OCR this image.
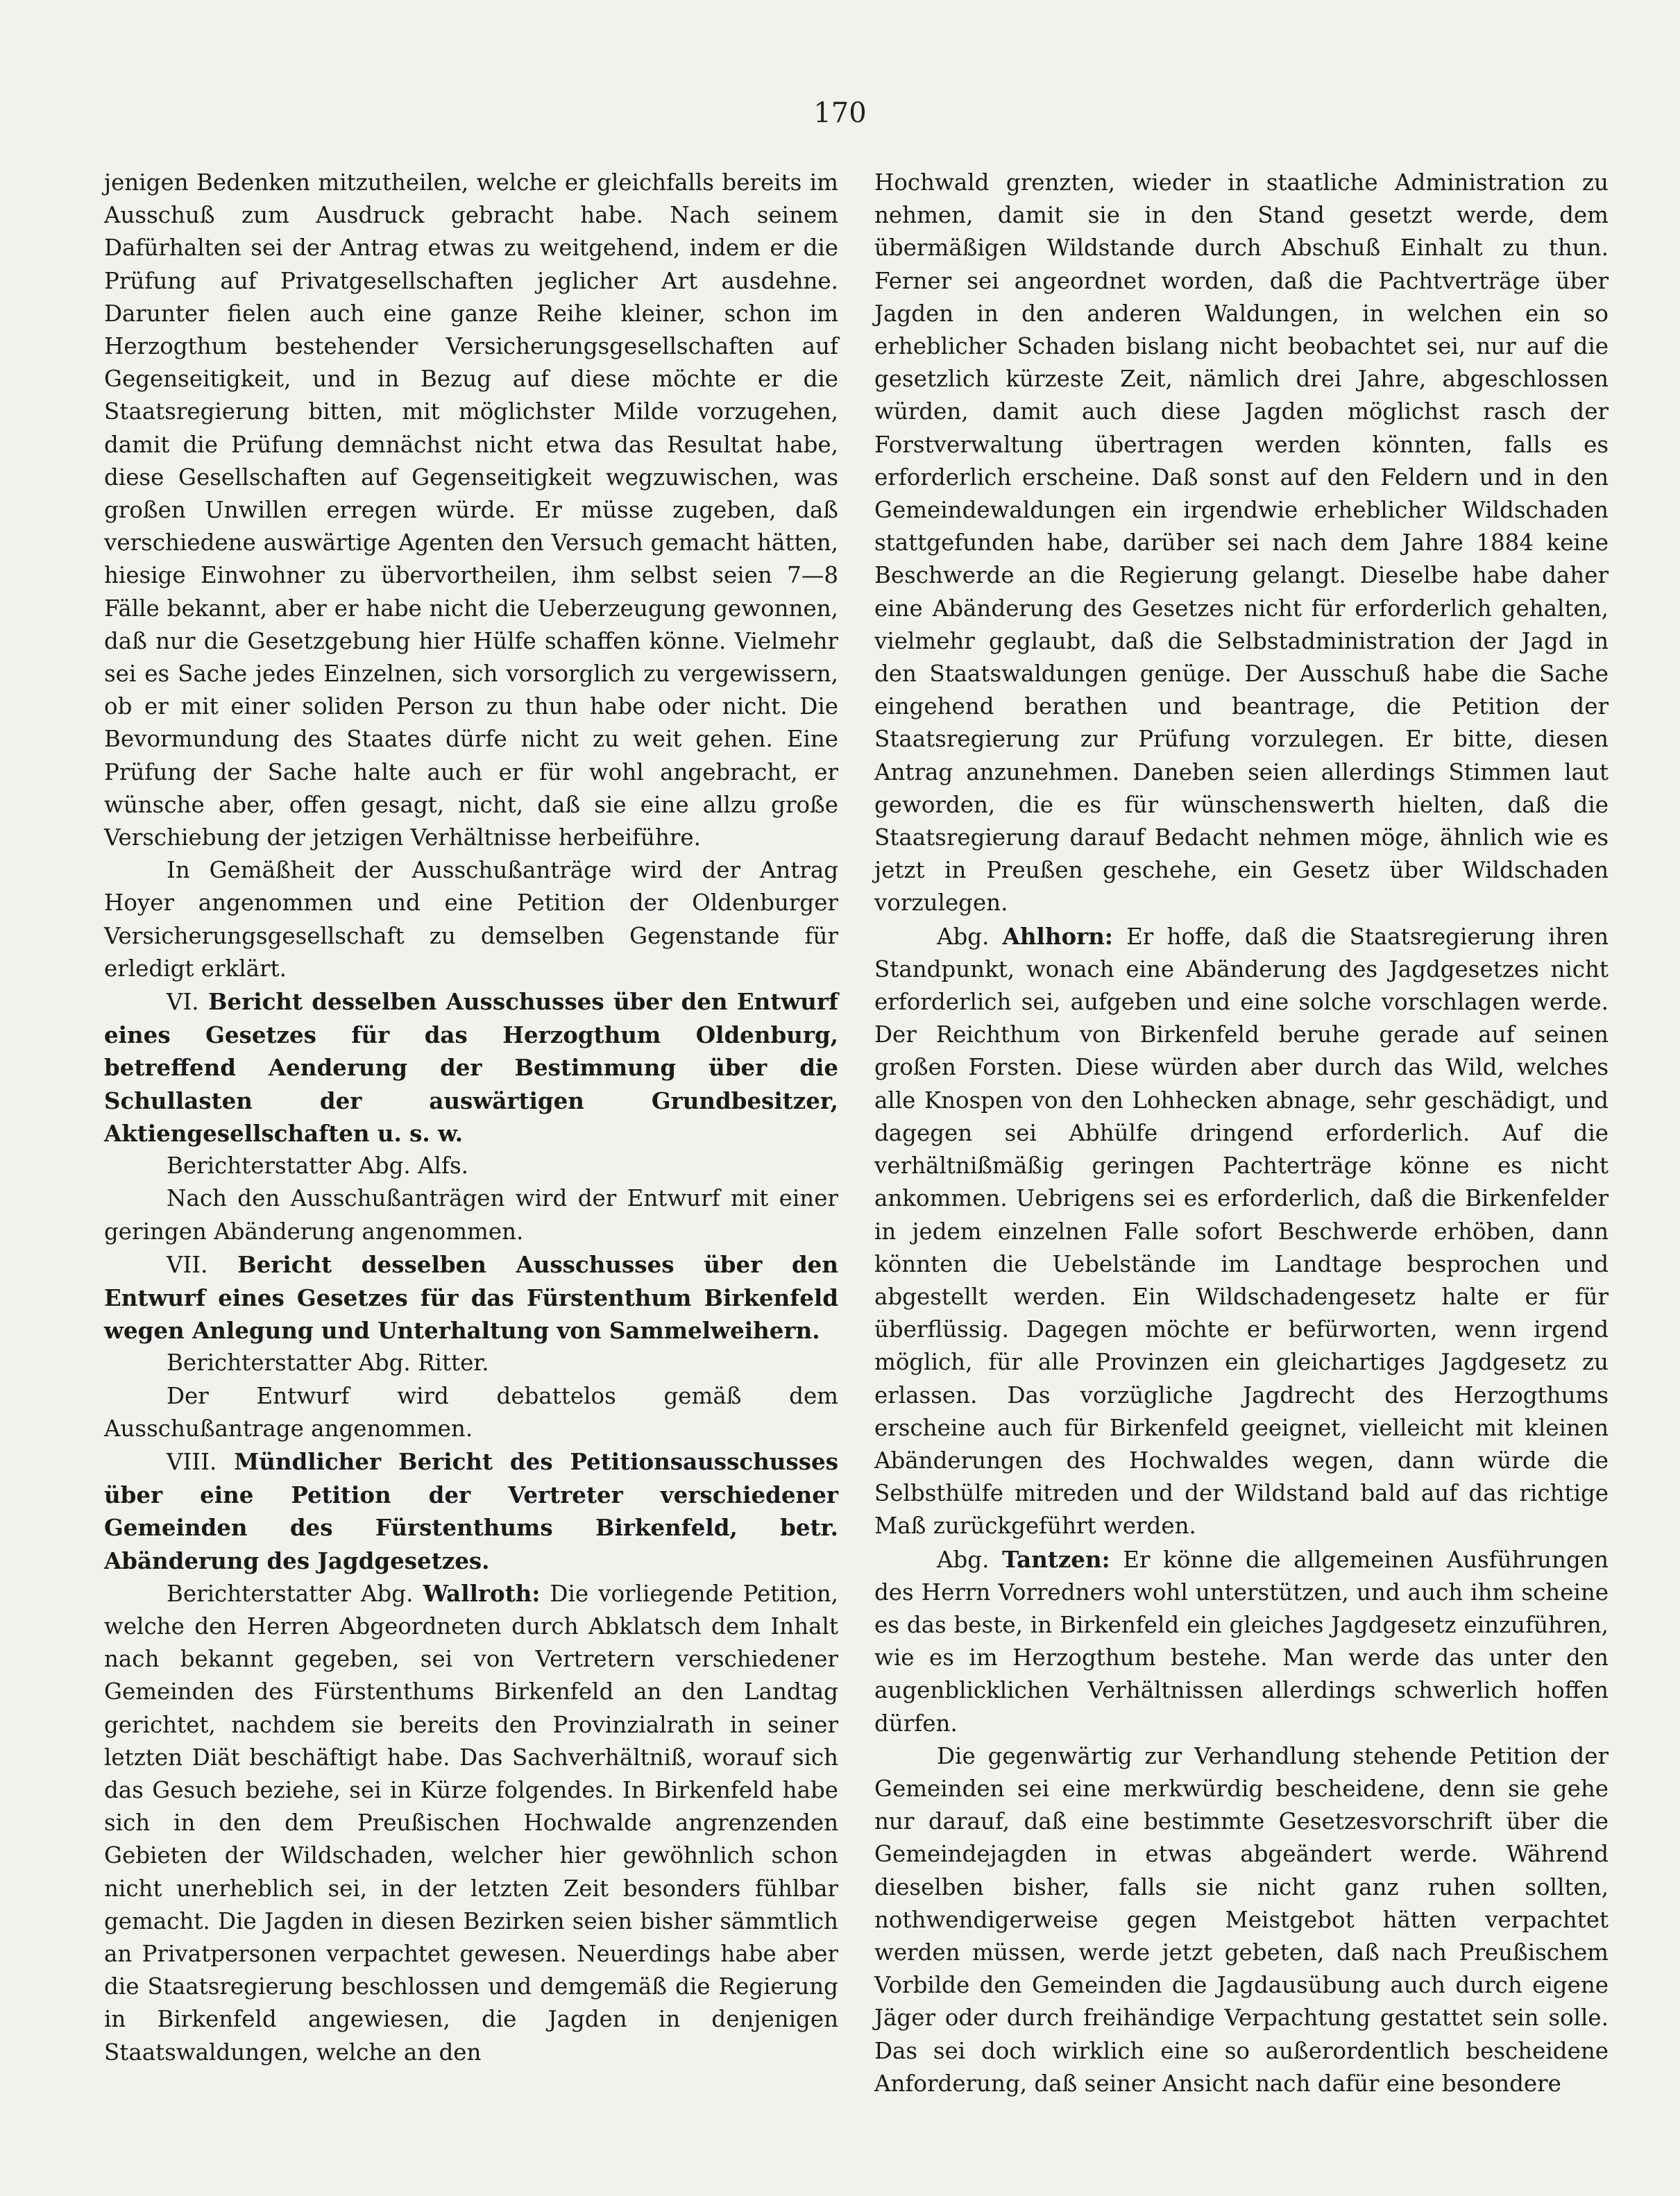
170

jenigen Bedenken mitzutheilen, welche er gleichfalls bereits im Ausschuß zum Ausdruck gebracht habe. Nach seinem Dafürhalten sei der Antrag etwas zu weitgehend, indem er die Prüfung auf Privatgesellschaften jeglicher Art ausdehne. Darunter fielen auch eine ganze Reihe kleiner, schon im Herzogthum bestehender Versicherungsgesellschaften auf Gegenseitigkeit, und in Bezug auf diese möchte er die Staatsregierung bitten, mit möglichster Milde vorzugehen, damit die Prüfung demnächst nicht etwa das Resultat habe, diese Gesellschaften auf Gegenseitigkeit wegzuwischen, was großen Unwillen erregen würde. Er müsse zugeben, daß verschiedene auswärtige Agenten den Versuch gemacht hätten, hiesige Einwohner zu übervortheilen, ihm selbst seien 7—8 Fälle bekannt, aber er habe nicht die Ueberzeugung gewonnen, daß nur die Gesetzgebung hier Hülfe schaffen könne. Vielmehr sei es Sache jedes Einzelnen, sich vorsorglich zu vergewissern, ob er mit einer soliden Person zu thun habe oder nicht. Die Bevormundung des Staates dürfe nicht zu weit gehen. Eine Prüfung der Sache halte auch er für wohl angebracht, er wünsche aber, offen gesagt, nicht, daß sie eine allzu große Verschiebung der jetzigen Verhältnisse herbeiführe.

In Gemäßheit der Ausschußanträge wird der Antrag Hoyer angenommen und eine Petition der Oldenburger Versicherungsgesellschaft zu demselben Gegenstande für erledigt erklärt.

VI. Bericht desselben Ausschusses über den Entwurf eines Gesetzes für das Herzogthum Oldenburg, betreffend Aenderung der Bestimmung über die Schullasten der auswärtigen Grundbesitzer, Aktiengesellschaften u. s. w.

Berichterstatter Abg. Alfs.

Nach den Ausschußanträgen wird der Entwurf mit einer geringen Abänderung angenommen.

VII. Bericht desselben Ausschusses über den Entwurf eines Gesetzes für das Fürstenthum Birkenfeld wegen Anlegung und Unterhaltung von Sammelweihern.

Berichterstatter Abg. Ritter.

Der Entwurf wird debattelos gemäß dem Ausschußantrage angenommen.

VIII. Mündlicher Bericht des Petitionsausschusses über eine Petition der Vertreter verschiedener Gemeinden des Fürstenthums Birkenfeld, betr. Abänderung des Jagdgesetzes.

Berichterstatter Abg. Wallroth: Die vorliegende Petition, welche den Herren Abgeordneten durch Abklatsch dem Inhalt nach bekannt gegeben, sei von Vertretern verschiedener Gemeinden des Fürstenthums Birkenfeld an den Landtag gerichtet, nachdem sie bereits den Provinzialrath in seiner letzten Diät beschäftigt habe. Das Sachverhältniß, worauf sich das Gesuch beziehe, sei in Kürze folgendes. In Birkenfeld habe sich in den dem Preußischen Hochwalde angrenzenden Gebieten der Wildschaden, welcher hier gewöhnlich schon nicht unerheblich sei, in der letzten Zeit besonders fühlbar gemacht. Die Jagden in diesen Bezirken seien bisher sämmtlich an Privatpersonen verpachtet gewesen. Neuerdings habe aber die Staatsregierung beschlossen und demgemäß die Regierung in Birkenfeld angewiesen, die Jagden in denjenigen Staatswaldungen, welche an den

Hochwald grenzten, wieder in staatliche Administration zu nehmen, damit sie in den Stand gesetzt werde, dem übermäßigen Wildstande durch Abschuß Einhalt zu thun. Ferner sei angeordnet worden, daß die Pachtverträge über Jagden in den anderen Waldungen, in welchen ein so erheblicher Schaden bislang nicht beobachtet sei, nur auf die gesetzlich kürzeste Zeit, nämlich drei Jahre, abgeschlossen würden, damit auch diese Jagden möglichst rasch der Forstverwaltung übertragen werden könnten, falls es erforderlich erscheine. Daß sonst auf den Feldern und in den Gemeindewaldungen ein irgendwie erheblicher Wildschaden stattgefunden habe, darüber sei nach dem Jahre 1884 keine Beschwerde an die Regierung gelangt. Dieselbe habe daher eine Abänderung des Gesetzes nicht für erforderlich gehalten, vielmehr geglaubt, daß die Selbstadministration der Jagd in den Staatswaldungen genüge. Der Ausschuß habe die Sache eingehend berathen und beantrage, die Petition der Staatsregierung zur Prüfung vorzulegen. Er bitte, diesen Antrag anzunehmen. Daneben seien allerdings Stimmen laut geworden, die es für wünschenswerth hielten, daß die Staatsregierung darauf Bedacht nehmen möge, ähnlich wie es jetzt in Preußen geschehe, ein Gesetz über Wildschaden vorzulegen.

Abg. Ahlhorn: Er hoffe, daß die Staatsregierung ihren Standpunkt, wonach eine Abänderung des Jagdgesetzes nicht erforderlich sei, aufgeben und eine solche vorschlagen werde. Der Reichthum von Birkenfeld beruhe gerade auf seinen großen Forsten. Diese würden aber durch das Wild, welches alle Knospen von den Lohhecken abnage, sehr geschädigt, und dagegen sei Abhülfe dringend erforderlich. Auf die verhältnißmäßig geringen Pachterträge könne es nicht ankommen. Uebrigens sei es erforderlich, daß die Birkenfelder in jedem einzelnen Falle sofort Beschwerde erhöben, dann könnten die Uebelstände im Landtage besprochen und abgestellt werden. Ein Wildschadengesetz halte er für überflüssig. Dagegen möchte er befürworten, wenn irgend möglich, für alle Provinzen ein gleichartiges Jagdgesetz zu erlassen. Das vorzügliche Jagdrecht des Herzogthums erscheine auch für Birkenfeld geeignet, vielleicht mit kleinen Abänderungen des Hochwaldes wegen, dann würde die Selbsthülfe mitreden und der Wildstand bald auf das richtige Maß zurückgeführt werden.

Abg. Tantzen: Er könne die allgemeinen Ausführungen des Herrn Vorredners wohl unterstützen, und auch ihm scheine es das beste, in Birkenfeld ein gleiches Jagdgesetz einzuführen, wie es im Herzogthum bestehe. Man werde das unter den augenblicklichen Verhältnissen allerdings schwerlich hoffen dürfen.

Die gegenwärtig zur Verhandlung stehende Petition der Gemeinden sei eine merkwürdig bescheidene, denn sie gehe nur darauf, daß eine bestimmte Gesetzesvorschrift über die Gemeindejagden in etwas abgeändert werde. Während dieselben bisher, falls sie nicht ganz ruhen sollten, nothwendigerweise gegen Meistgebot hätten verpachtet werden müssen, werde jetzt gebeten, daß nach Preußischem Vorbilde den Gemeinden die Jagdausübung auch durch eigene Jäger oder durch freihändige Verpachtung gestattet sein solle. Das sei doch wirklich eine so außerordentlich bescheidene Anforderung, daß seiner Ansicht nach dafür eine besondere
